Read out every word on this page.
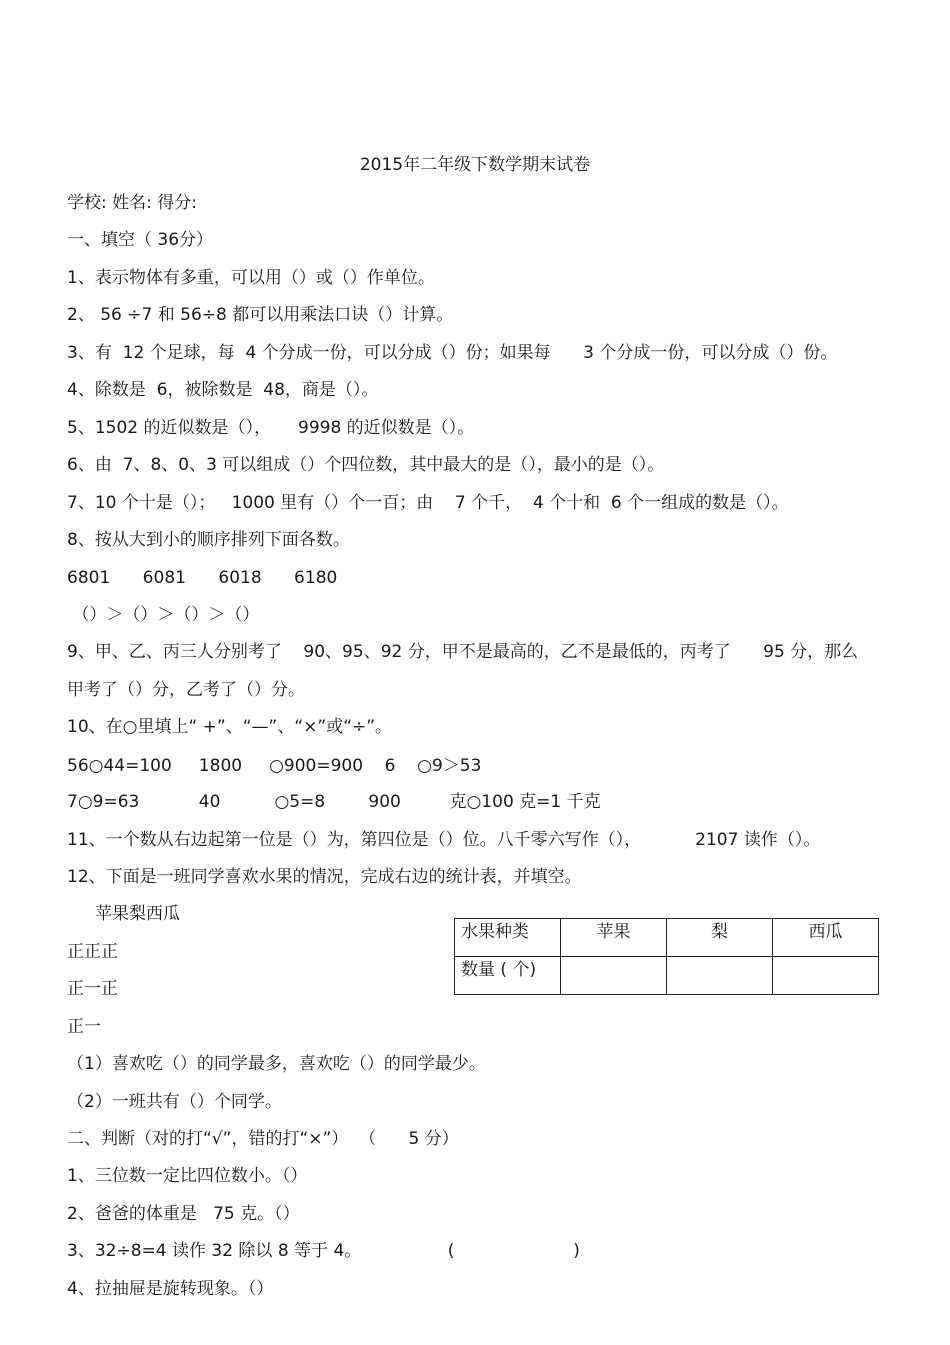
2015年二年级下数学期末试卷
学校: 姓名: 得分:
一、填空（ 36分）
1、表示物体有多重，可以用（）或（）作单位。
2、 56 ÷7 和 56÷8 都可以用乘法口诀（）计算。
3、有  12 个足球，每  4 个分成一份，可以分成（）份；如果每      3 个分成一份，可以分成（）份。
4、除数是  6，被除数是  48，商是（）。
5、1502 的近似数是（），     9998 的近似数是（）。
6、由  7、8、0、3 可以组成（）个四位数，其中最大的是（），最小的是（）。
7、10 个十是（）；   1000 里有（）个一百；由    7 个千，  4 个十和  6 个一组成的数是（）。
8、按从大到小的顺序排列下面各数。
6801      6081      6018      6180
（）＞（）＞（）＞（）
9、甲、乙、丙三人分别考了    90、95、92 分，甲不是最高的，乙不是最低的，丙考了      95 分，那么
甲考了（）分，乙考了（）分。
10、在○里填上“ +”、“—”、“×”或“÷”。
56○44=100     1800     ○900=900    6    ○9＞53
7○9=63           40          ○5=8        900         克○100 克=1 千克
11、一个数从右边起第一位是（）为，第四位是（）位。八千零六写作（），          2107 读作（）。
12、下面是一班同学喜欢水果的情况，完成右边的统计表，并填空。
苹果梨西瓜
正正正
正一正
正一
水果种类	苹果	梨	西瓜
数量 ( 个)			
（1）喜欢吃（）的同学最多，喜欢吃（）的同学最少。
（2）一班共有（）个同学。
二、判断（对的打“√”，错的打“×”）  （      5 分）
1、三位数一定比四位数小。（）
2、爸爸的体重是   75 克。（）
3、32÷8=4 读作 32 除以 8 等于 4。                (                      )
4、拉抽屉是旋转现象。（）
